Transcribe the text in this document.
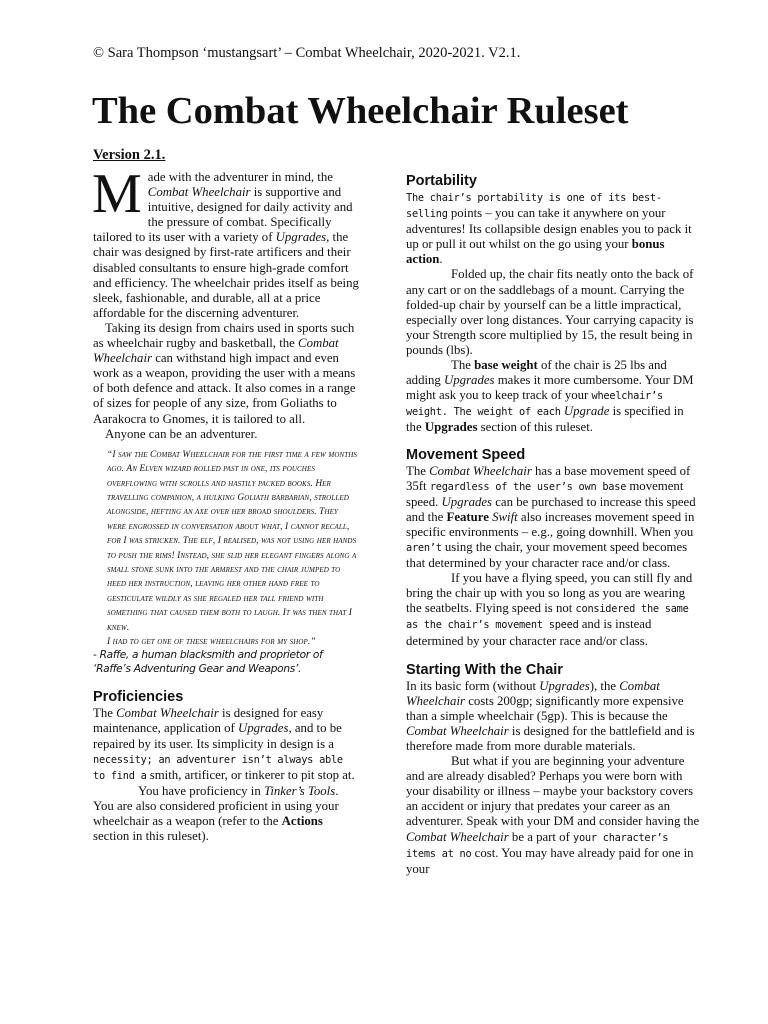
© Sara Thompson ‘mustangsart’ – Combat Wheelchair, 2020-2021. V2.1.
The Combat Wheelchair Ruleset
Version 2.1.

Made with the adventurer in mind, the Combat Wheelchair is supportive and intuitive, designed for daily activity and the pressure of combat. Specifically tailored to its user with a variety of Upgrades, the chair was designed by first-rate artificers and their disabled consultants to ensure high-grade comfort and efficiency. The wheelchair prides itself as being sleek, fashionable, and durable, all at a price affordable for the discerning adventurer.

Taking its design from chairs used in sports such as wheelchair rugby and basketball, the Combat Wheelchair can withstand high impact and even work as a weapon, providing the user with a means of both defence and attack. It also comes in a range of sizes for people of any size, from Goliaths to Aarakocra to Gnomes, it is tailored to all.

Anyone can be an adventurer.

“I saw the Combat Wheelchair for the first time a few months ago. An Elven wizard rolled past in one, its pouches overflowing with scrolls and hastily packed books. Her travelling companion, a hulking Goliath barbarian, strolled alongside, hefting an axe over her broad shoulders. They were engrossed in conversation about what, I cannot recall, for I was stricken. The elf, I realised, was not using her hands to push the rims! Instead, she slid her elegant fingers along a small stone sunk into the armrest and the chair jumped to heed her instruction, leaving her other hand free to gesticulate wildly as she regaled her tall friend with something that caused them both to laugh. It was then that I knew.

I had to get one of these wheelchairs for my shop.”

- Raffe, a human blacksmith and proprietor of ‘Raffe’s Adventuring Gear and Weapons’.

Proficiencies

The Combat Wheelchair is designed for easy maintenance, application of Upgrades, and to be repaired by its user. Its simplicity in design is a necessity; an adventurer isn’t always able to find a smith, artificer, or tinkerer to pit stop at.

You have proficiency in Tinker’s Tools. You are also considered proficient in using your wheelchair as a weapon (refer to the Actions section in this ruleset).

Portability

The chair’s portability is one of its best-selling points – you can take it anywhere on your adventures! Its collapsible design enables you to pack it up or pull it out whilst on the go using your bonus action.

Folded up, the chair fits neatly onto the back of any cart or on the saddlebags of a mount. Carrying the folded-up chair by yourself can be a little impractical, especially over long distances. Your carrying capacity is your Strength score multiplied by 15, the result being in pounds (lbs).

The base weight of the chair is 25 lbs and adding Upgrades makes it more cumbersome. Your DM might ask you to keep track of your wheelchair’s weight. The weight of each Upgrade is specified in the Upgrades section of this ruleset.

Movement Speed

The Combat Wheelchair has a base movement speed of 35ft regardless of the user’s own base movement speed. Upgrades can be purchased to increase this speed and the Feature Swift also increases movement speed in specific environments – e.g., going downhill. When you aren’t using the chair, your movement speed becomes that determined by your character race and/or class.

If you have a flying speed, you can still fly and bring the chair up with you so long as you are wearing the seatbelts. Flying speed is not considered the same as the chair’s movement speed and is instead determined by your character race and/or class.

Starting With the Chair

In its basic form (without Upgrades), the Combat Wheelchair costs 200gp; significantly more expensive than a simple wheelchair (5gp). This is because the Combat Wheelchair is designed for the battlefield and is therefore made from more durable materials.

But what if you are beginning your adventure and are already disabled? Perhaps you were born with your disability or illness – maybe your backstory covers an accident or injury that predates your career as an adventurer. Speak with your DM and consider having the Combat Wheelchair be a part of your character’s items at no cost. You may have already paid for one in your
